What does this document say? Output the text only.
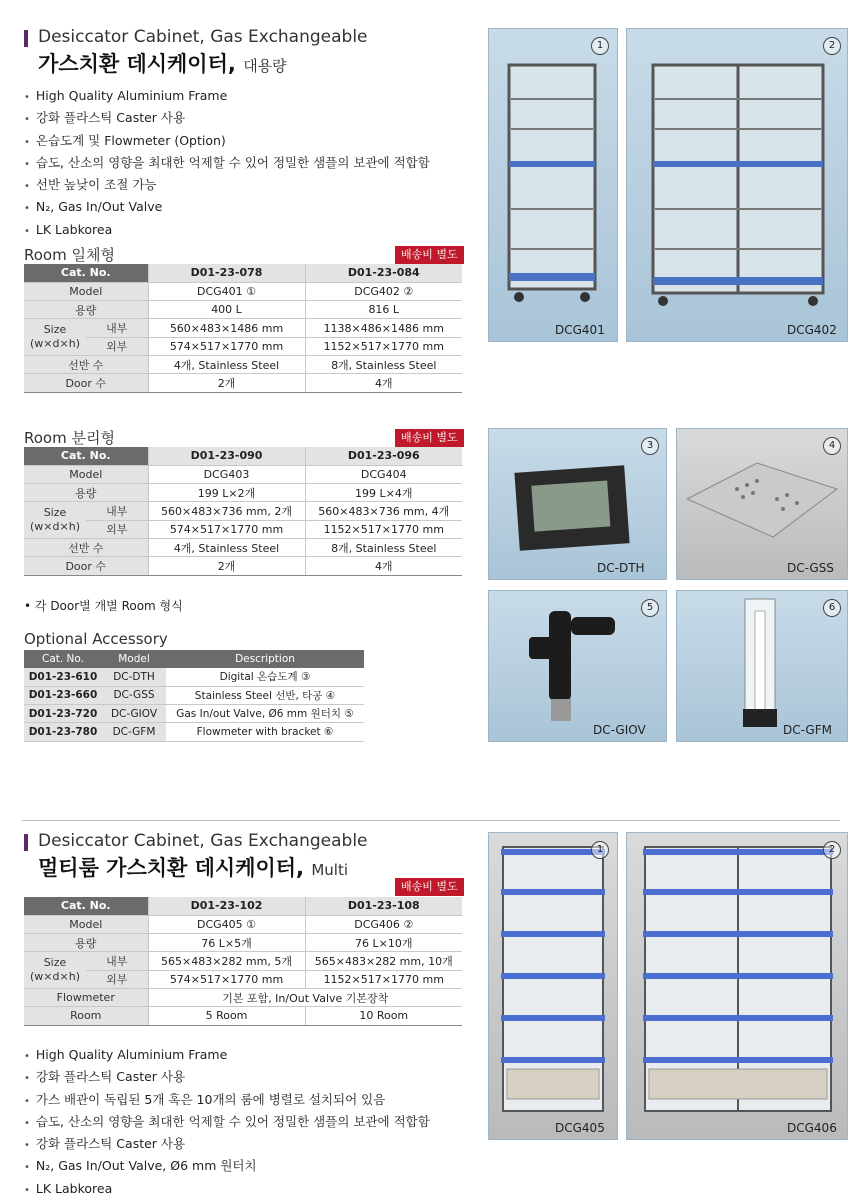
Desiccator Cabinet, Gas Exchangeable
가스치환 데시케이터, 대용량
• High Quality Aluminium Frame
• 강화 플라스틱 Caster 사용
• 온습도계 및 Flowmeter (Option)
• 습도, 산소의 영향을 최대한 억제할 수 있어 정밀한 샘플의 보관에 적합함
• 선반 높낮이 조절 가능
• N₂, Gas In/Out Valve
• LK Labkorea
Room 일체형	배송비 별도
Cat. No.		D01-23-078	D01-23-084
Model		DCG401 ①	DCG402 ②
용량		400 L	816 L
Size
(w×d×h)	내부	560×483×1486 mm	1138×486×1486 mm
	외부	574×517×1770 mm	1152×517×1770 mm
선반 수		4개, Stainless Steel	8개, Stainless Steel
Door 수		2개	4개
Room 분리형	배송비 별도
Cat. No.		D01-23-090	D01-23-096
Model		DCG403	DCG404
용량		199 L×2개	199 L×4개
Size
(w×d×h)	내부	560×483×736 mm, 2개	560×483×736 mm, 4개
	외부	574×517×1770 mm	1152×517×1770 mm
선반 수		4개, Stainless Steel	8개, Stainless Steel
Door 수		2개	4개
• 각 Door별 개별 Room 형식
Optional Accessory
Cat. No.	Model	Description
D01-23-610	DC-DTH	Digital 온습도계 ③
D01-23-660	DC-GSS	Stainless Steel 선반, 타공 ④
D01-23-720	DC-GIOV	Gas In/out Valve, Ø6 mm 원터치 ⑤
D01-23-780	DC-GFM	Flowmeter with bracket ⑥
1
DCG401
2
DCG402
3
DC-DTH
4
DC-GSS
5
DC-GIOV
6
DC-GFM
Desiccator Cabinet, Gas Exchangeable
멀티룸 가스치환 데시케이터, Multi
배송비 별도
Cat. No.		D01-23-102	D01-23-108
Model		DCG405 ①	DCG406 ②
용량		76 L×5개	76 L×10개
Size
(w×d×h)	내부	565×483×282 mm, 5개	565×483×282 mm, 10개
	외부	574×517×1770 mm	1152×517×1770 mm
Flowmeter		기본 포함, In/Out Valve 기본장착	
Room		5 Room	10 Room
• High Quality Aluminium Frame
• 강화 플라스틱 Caster 사용
• 가스 배관이 독립된 5개 혹은 10개의 룸에 병렬로 설치되어 있음
• 습도, 산소의 영향을 최대한 억제할 수 있어 정밀한 샘플의 보관에 적합함
• 강화 플라스틱 Caster 사용
• N₂, Gas In/Out Valve, Ø6 mm 원터치
• LK Labkorea
1
DCG405
2
DCG406
